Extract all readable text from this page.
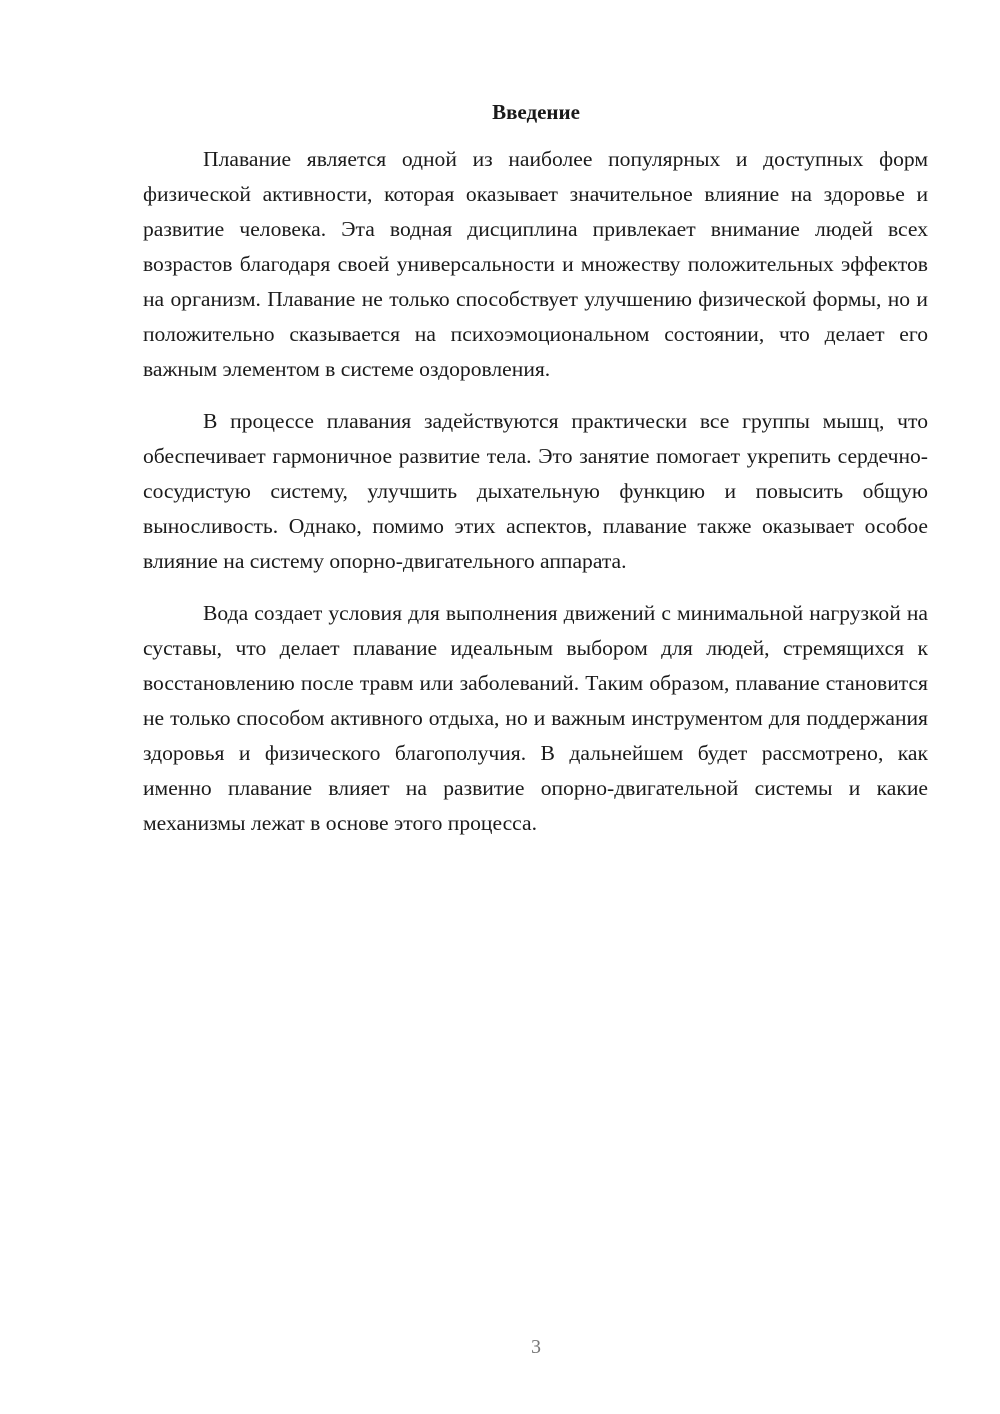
Введение

Плавание является одной из наиболее популярных и доступных форм физической активности, которая оказывает значительное влияние на здоровье и развитие человека. Эта водная дисциплина привлекает внимание людей всех возрастов благодаря своей универсальности и множеству положительных эффектов на организм. Плавание не только способствует улучшению физической формы, но и положительно сказывается на психоэмоциональном состоянии, что делает его важным элементом в системе оздоровления.

В процессе плавания задействуются практически все группы мышц, что обеспечивает гармоничное развитие тела. Это занятие помогает укрепить сердечно-сосудистую систему, улучшить дыхательную функцию и повысить общую выносливость. Однако, помимо этих аспектов, плавание также оказывает особое влияние на систему опорно-двигательного аппарата.

Вода создает условия для выполнения движений с минимальной нагрузкой на суставы, что делает плавание идеальным выбором для людей, стремящихся к восстановлению после травм или заболеваний. Таким образом, плавание становится не только способом активного отдыха, но и важным инструментом для поддержания здоровья и физического благополучия. В дальнейшем будет рассмотрено, как именно плавание влияет на развитие опорно-двигательной системы и какие механизмы лежат в основе этого процесса.

3
